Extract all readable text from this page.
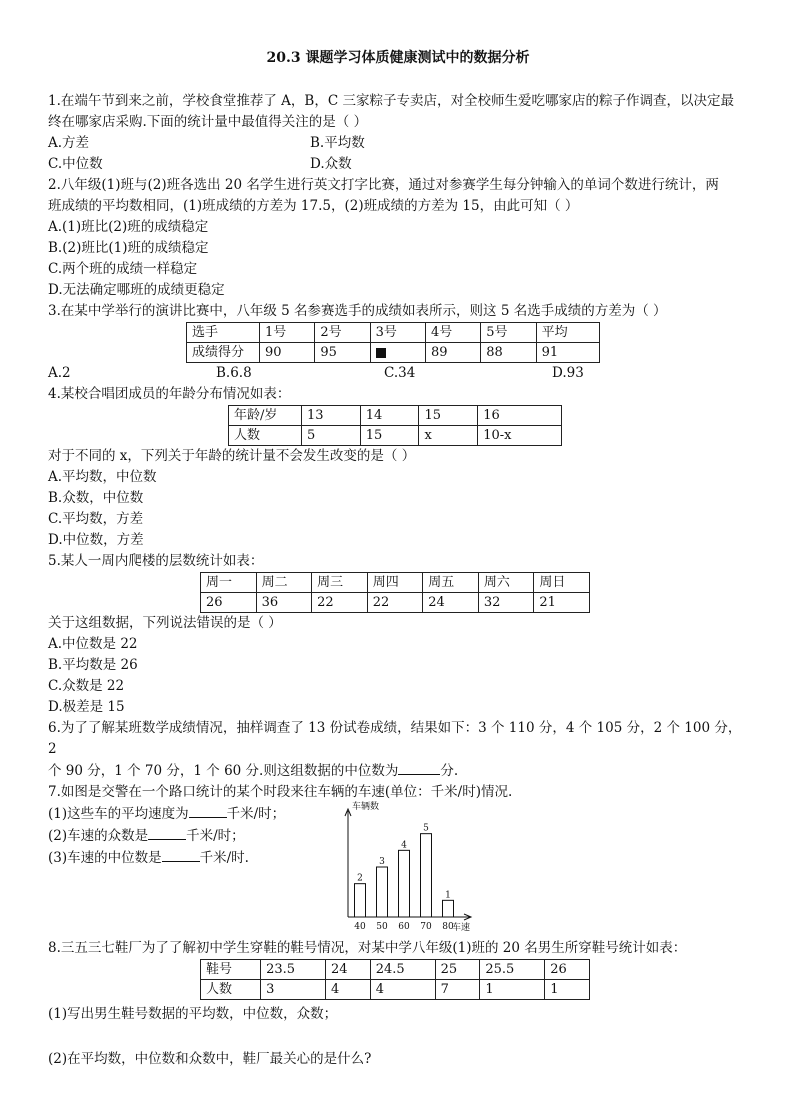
20.3 课题学习体质健康测试中的数据分析

1.在端午节到来之前，学校食堂推荐了 A，B，C 三家粽子专卖店，对全校师生爱吃哪家店的粽子作调查，以决定最

终在哪家店采购.下面的统计量中最值得关注的是（ ）

A.方差	B.平均数
C.中位数	D.众数

2.八年级(1)班与(2)班各选出 20 名学生进行英文打字比赛，通过对参赛学生每分钟输入的单词个数进行统计，两

班成绩的平均数相同，(1)班成绩的方差为 17.5，(2)班成绩的方差为 15，由此可知（ ）

A.(1)班比(2)班的成绩稳定

B.(2)班比(1)班的成绩稳定

C.两个班的成绩一样稳定

D.无法确定哪班的成绩更稳定

3.在某中学举行的演讲比赛中，八年级 5 名参赛选手的成绩如表所示，则这 5 名选手成绩的方差为（ ）

选手	1号	2号	3号	4号	5号	平均
成绩得分	90	95		89	88	91
A.2	B.6.8	C.34	D.93

4.某校合唱团成员的年龄分布情况如表：

年龄/岁	13	14	15	16
人数	5	15	x	10-x

对于不同的 x，下列关于年龄的统计量不会发生改变的是（ ）

A.平均数，中位数

B.众数，中位数

C.平均数，方差

D.中位数，方差

5.某人一周内爬楼的层数统计如表：

周一	周二	周三	周四	周五	周六	周日
26	36	22	22	24	32	21

关于这组数据，下列说法错误的是（ ）

A.中位数是 22

B.平均数是 26

C.众数是 22

D.极差是 15

6.为了了解某班数学成绩情况，抽样调查了 13 份试卷成绩，结果如下：3 个 110 分，4 个 105 分，2 个 100 分，2

个 90 分，1 个 70 分，1 个 60 分.则这组数据的中位数为	分.

7.如图是交警在一个路口统计的某个时段来往车辆的车速(单位：千米/时)情况.

(1)这些车的平均速度为	千米/时；

(2)车速的众数是	千米/时；

(3)车速的中位数是	千米/时.

车辆数
车速
2
40
3
50
4
60
5
70
1
80

8.三五三七鞋厂为了了解初中学生穿鞋的鞋号情况，对某中学八年级(1)班的 20 名男生所穿鞋号统计如表：

鞋号	23.5	24	24.5	25	25.5	26
人数	3	4	4	7	1	1

(1)写出男生鞋号数据的平均数，中位数，众数；

(2)在平均数，中位数和众数中，鞋厂最关心的是什么?
